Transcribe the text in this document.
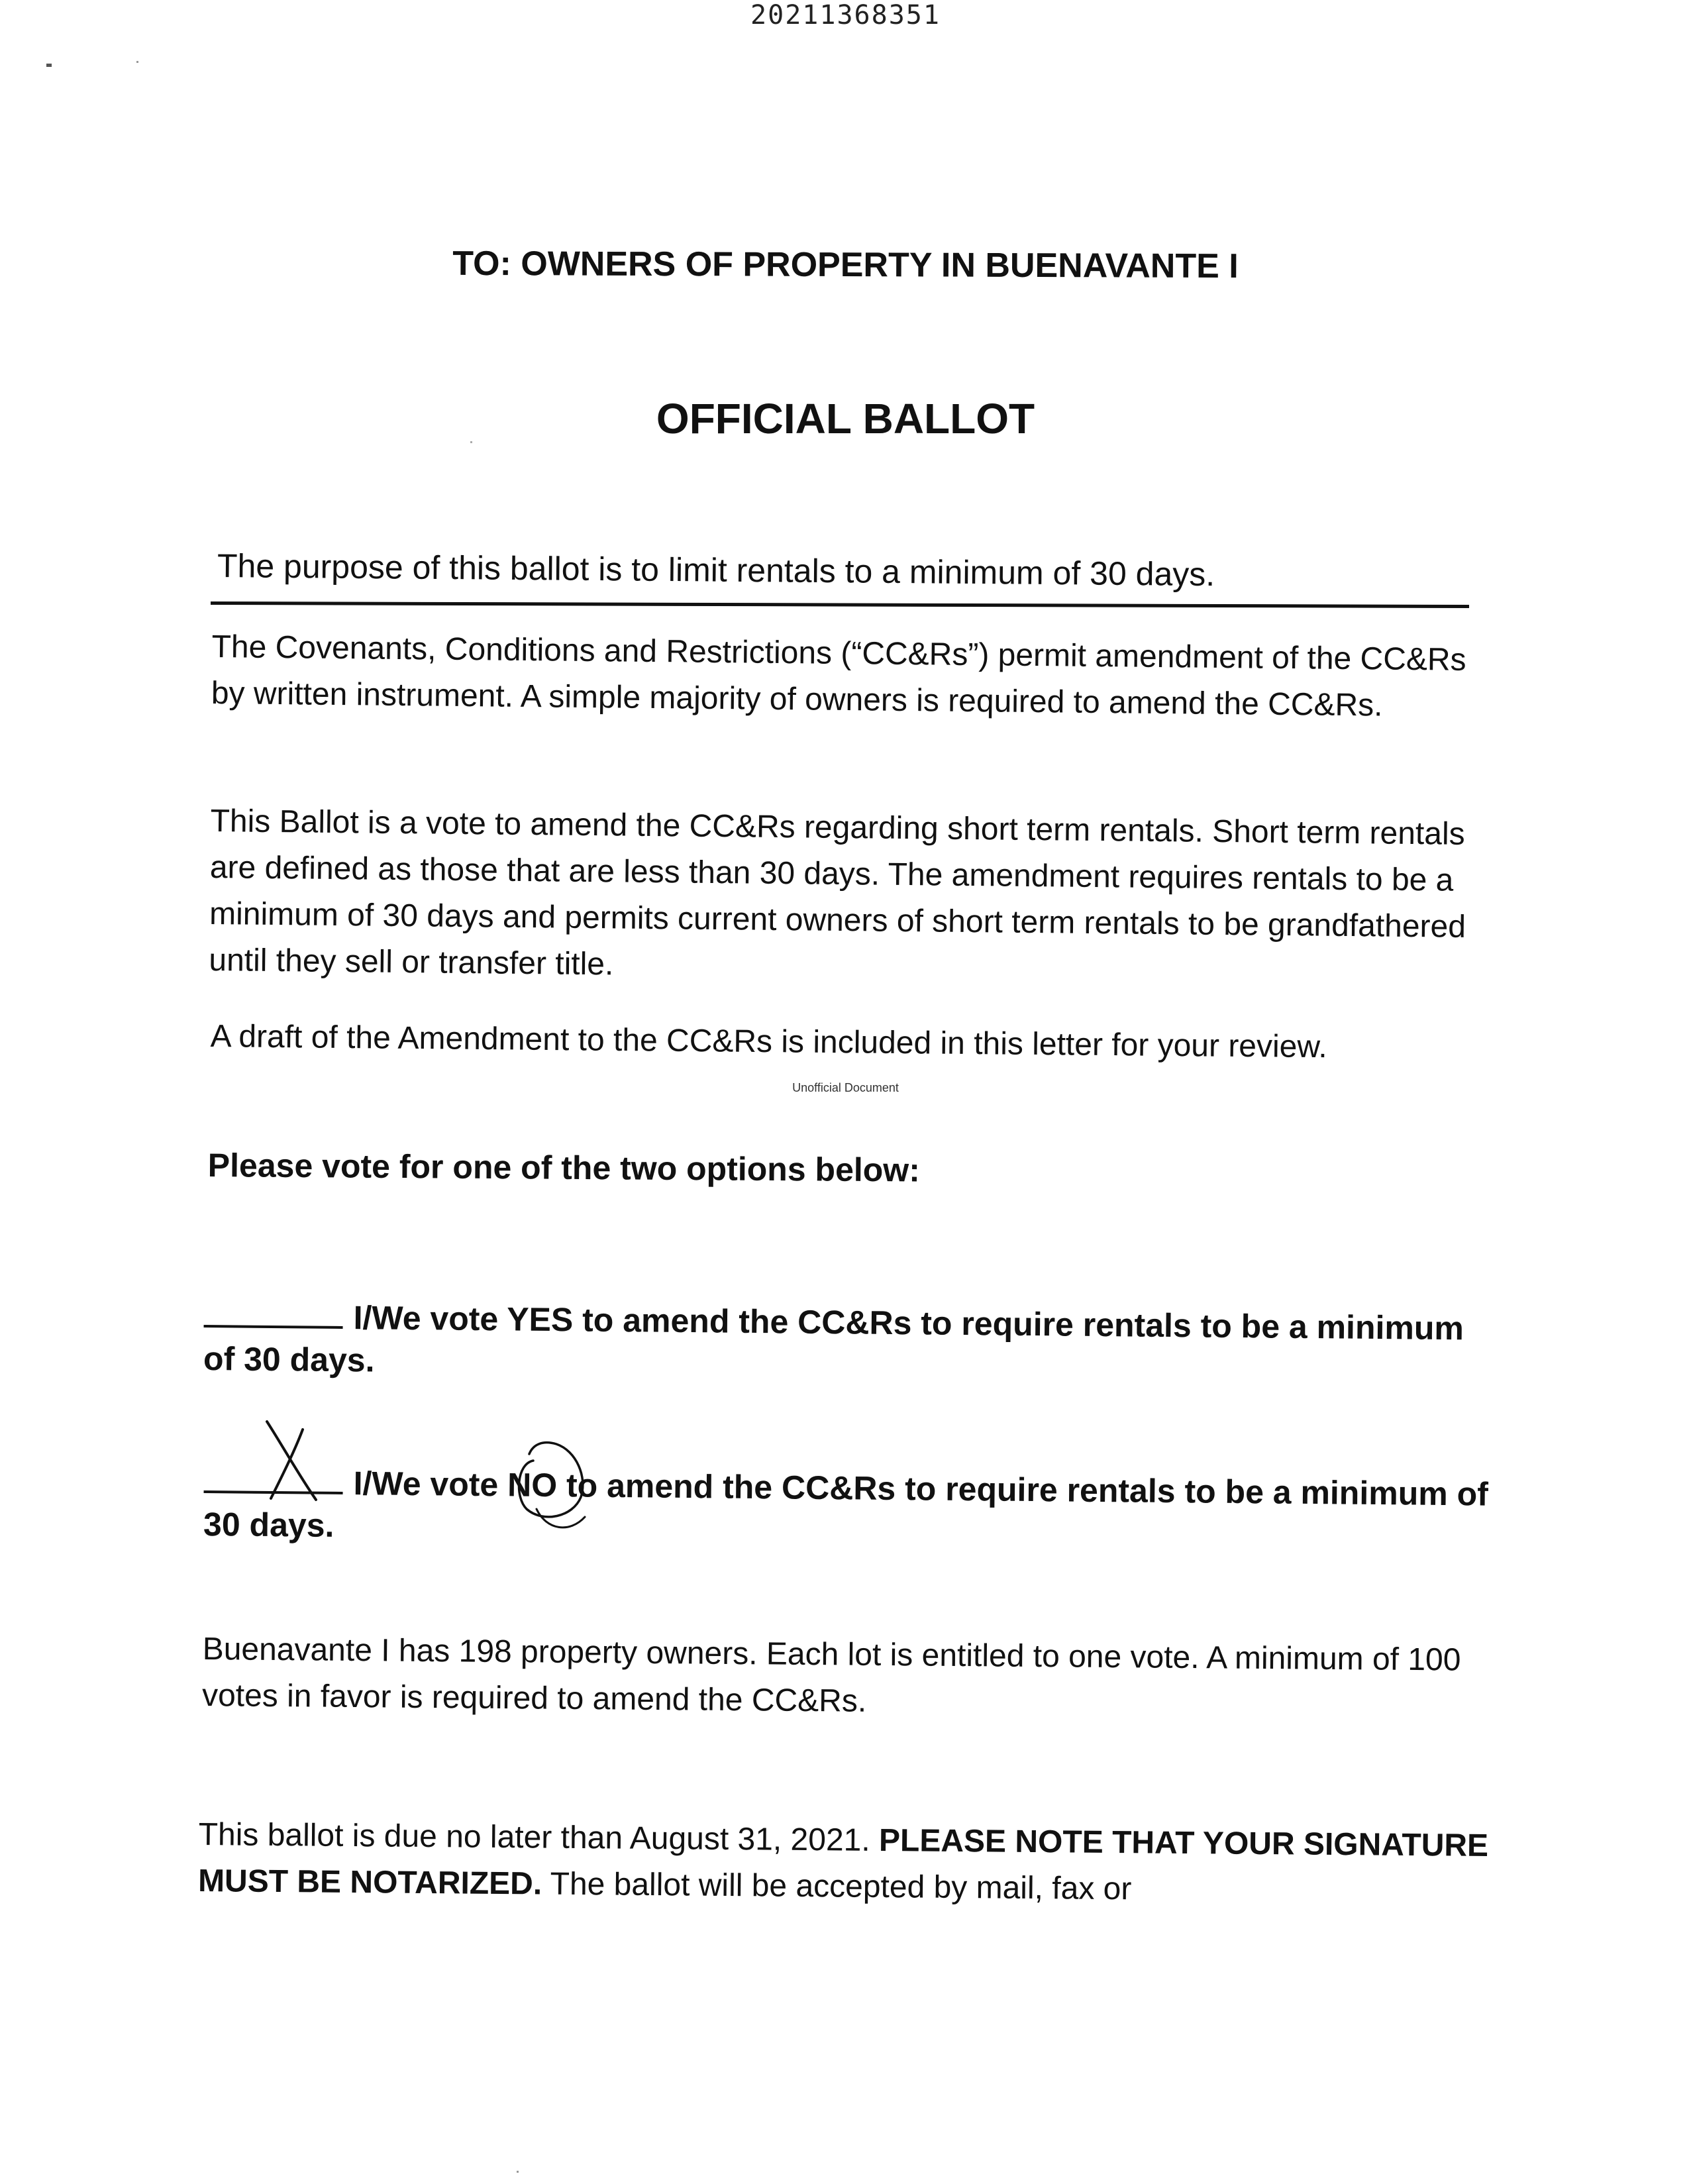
20211368351
TO: OWNERS OF PROPERTY IN BUENAVANTE I
OFFICIAL BALLOT
The purpose of this ballot is to limit rentals to a minimum of 30 days.
The Covenants, Conditions and Restrictions (“CC&Rs”) permit amendment of the CC&Rs by written instrument. A simple majority of owners is required to amend the CC&Rs.
This Ballot is a vote to amend the CC&Rs regarding short term rentals. Short term rentals are defined as those that are less than 30 days. The amendment requires rentals to be a minimum of 30 days and permits current owners of short term rentals to be grandfathered until they sell or transfer title.
A draft of the Amendment to the CC&Rs is included in this letter for your review.
Unofficial Document
Please vote for one of the two options below:
I/We vote YES to amend the CC&Rs to require rentals to be a minimum of 30 days.
I/We vote NO to amend the CC&Rs to require rentals to be a minimum of 30 days.
Buenavante I has 198 property owners. Each lot is entitled to one vote. A minimum of 100 votes in favor is required to amend the CC&Rs.
This ballot is due no later than August 31, 2021. PLEASE NOTE THAT YOUR SIGNATURE MUST BE NOTARIZED. The ballot will be accepted by mail, fax or
